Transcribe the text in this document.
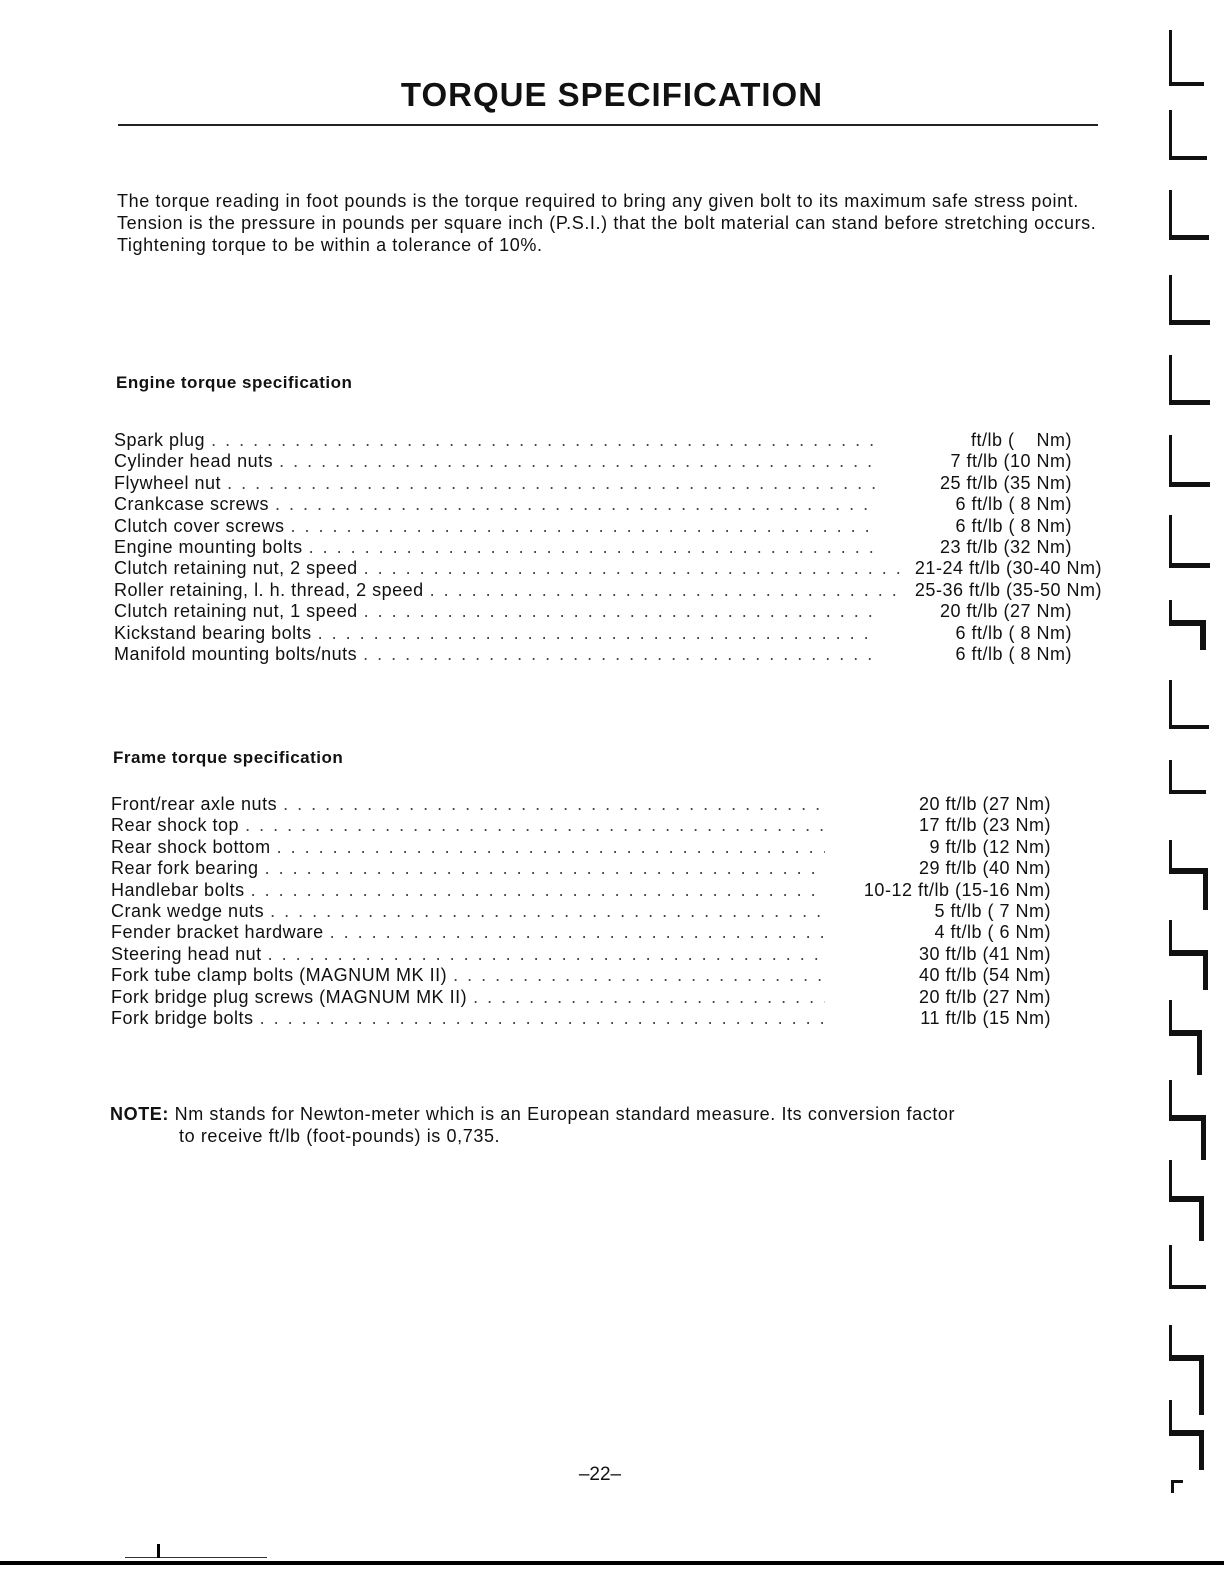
TORQUE SPECIFICATION

The torque reading in foot pounds is the torque required to bring any given bolt to its maximum safe stress point.

Tension is the pressure in pounds per square inch (P.S.I.) that the bolt material can stand before stretching occurs.

Tightening torque to be within a tolerance of 10%.

Engine torque specification
Spark plug . . .	ft/lb (    Nm)
Cylinder head nuts . . .	7 ft/lb (10 Nm)
Flywheel nut . . .	25 ft/lb (35 Nm)
Crankcase screws . . .	6 ft/lb ( 8 Nm)
Clutch cover screws . . .	6 ft/lb ( 8 Nm)
Engine mounting bolts . . .	23 ft/lb (32 Nm)
Clutch retaining nut, 2 speed . . .	21-24 ft/lb (30-40 Nm)
Roller retaining, l. h. thread, 2 speed . . .	25-36 ft/lb (35-50 Nm)
Clutch retaining nut, 1 speed . . .	20 ft/lb (27 Nm)
Kickstand bearing bolts . . .	6 ft/lb ( 8 Nm)
Manifold mounting bolts/nuts . . .	6 ft/lb ( 8 Nm)
Frame torque specification
Front/rear axle nuts . . .	20 ft/lb (27 Nm)
Rear shock top . . .	17 ft/lb (23 Nm)
Rear shock bottom . . .	9 ft/lb (12 Nm)
Rear fork bearing . . .	29 ft/lb (40 Nm)
Handlebar bolts . . .	10-12 ft/lb (15-16 Nm)
Crank wedge nuts . . .	5 ft/lb ( 7 Nm)
Fender bracket hardware . . .	4 ft/lb ( 6 Nm)
Steering head nut . . .	30 ft/lb (41 Nm)
Fork tube clamp bolts (MAGNUM MK II) . . .	40 ft/lb (54 Nm)
Fork bridge plug screws (MAGNUM MK II) . . .	20 ft/lb (27 Nm)
Fork bridge bolts . . .	11 ft/lb (15 Nm)
NOTE: Nm stands for Newton-meter which is an European standard measure. Its conversion factor
to receive ft/lb (foot-pounds) is 0,735.
–22–
